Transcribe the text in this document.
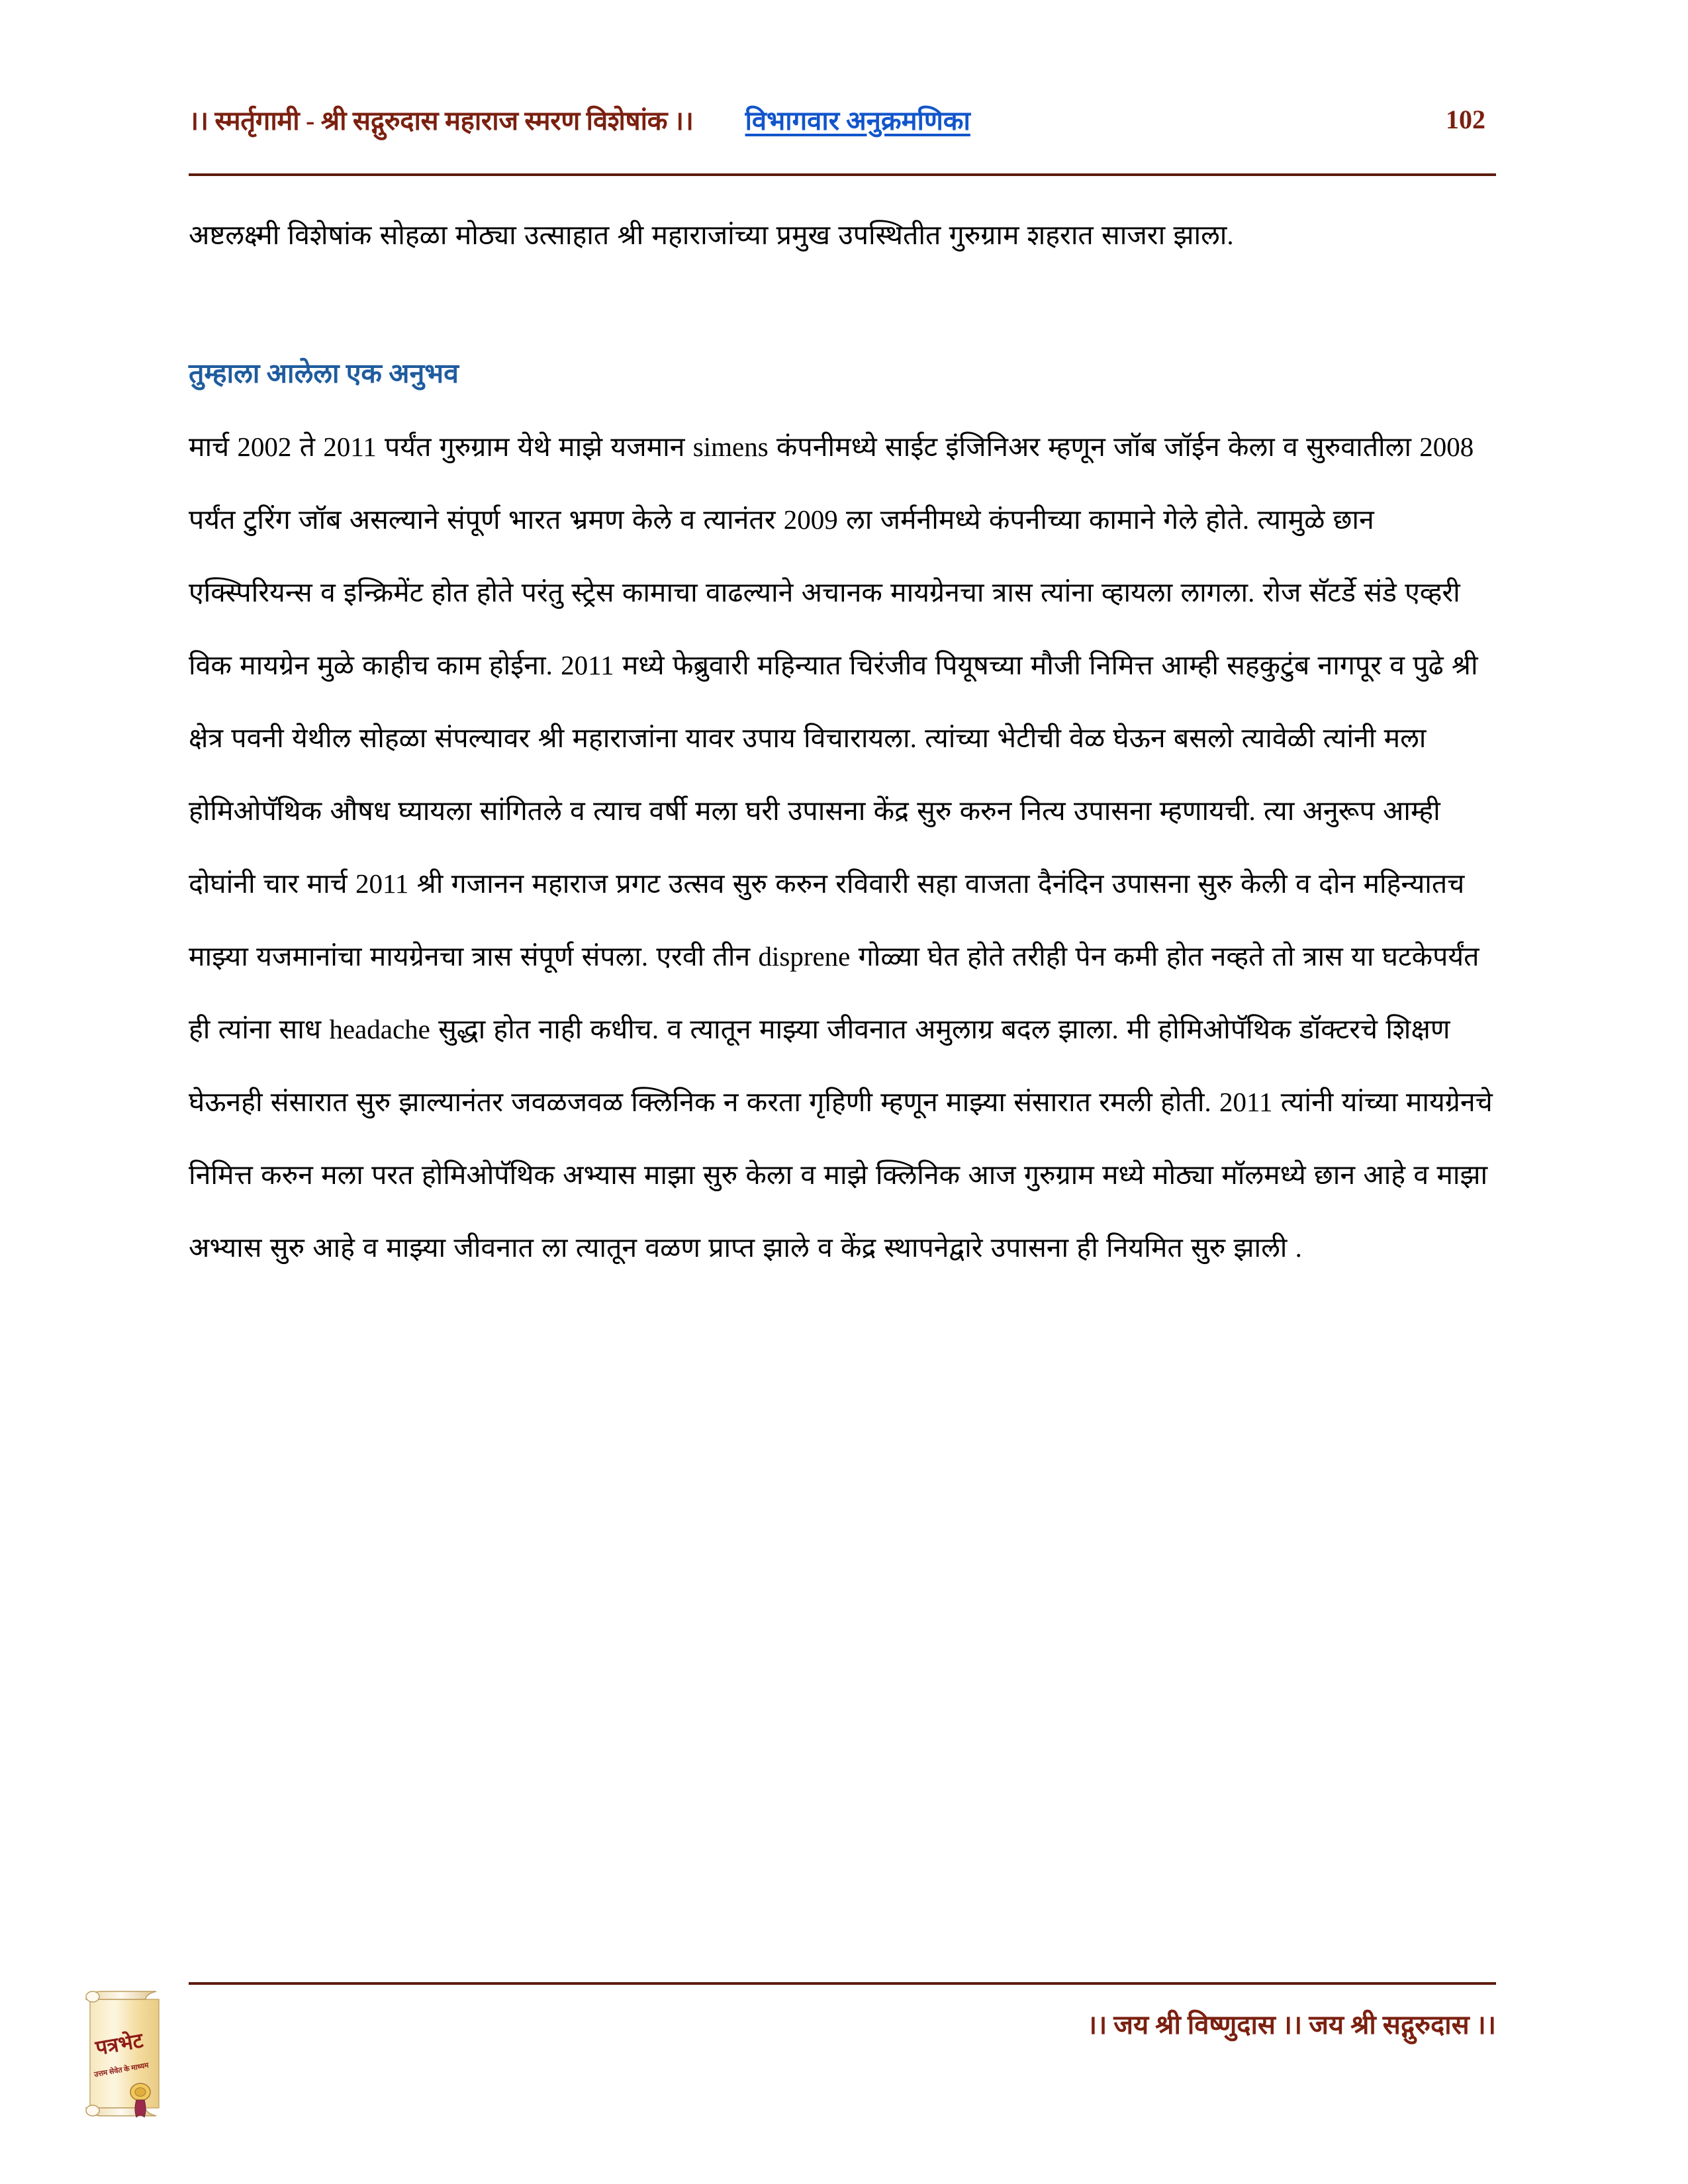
।। स्मर्तृगामी - श्री सद्गुरुदास महाराज स्मरण विशेषांक ।। विभागवार अनुक्रमणिका	102

अष्टलक्ष्मी विशेषांक सोहळा मोठ्या उत्साहात श्री महाराजांच्या प्रमुख उपस्थितीत गुरुग्राम शहरात साजरा झाला.

तुम्हाला आलेला एक अनुभव

मार्च 2002 ते 2011 पर्यंत गुरुग्राम येथे माझे यजमान simens कंपनीमध्ये साईट इंजिनिअर म्हणून जॉब जॉईन केला व सुरुवातीला 2008 पर्यंत टुरिंग जॉब असल्याने संपूर्ण भारत भ्रमण केले व त्यानंतर 2009 ला जर्मनीमध्ये कंपनीच्या कामाने गेले होते. त्यामुळे छान एक्स्पिरियन्स व इन्क्रिमेंट होत होते परंतु स्ट्रेस कामाचा वाढल्याने अचानक मायग्रेनचा त्रास त्यांना व्हायला लागला. रोज सॅटर्डे संडे एव्हरी विक मायग्रेन मुळे काहीच काम होईना. 2011 मध्ये फेब्रुवारी महिन्यात चिरंजीव पियूषच्या मौजी निमित्त आम्ही सहकुटुंब नागपूर व पुढे श्री क्षेत्र पवनी येथील सोहळा संपल्यावर श्री महाराजांना यावर उपाय विचारायला. त्यांच्या भेटीची वेळ घेऊन बसलो त्यावेळी त्यांनी मला होमिओपॅथिक औषध घ्यायला सांगितले व त्याच वर्षी मला घरी उपासना केंद्र सुरु करुन नित्य उपासना म्हणायची. त्या अनुरूप आम्ही दोघांनी चार मार्च 2011 श्री गजानन महाराज प्रगट उत्सव सुरु करुन रविवारी सहा वाजता दैनंदिन उपासना सुरु केली व दोन महिन्यातच माझ्या यजमानांचा मायग्रेनचा त्रास संपूर्ण संपला. एरवी तीन disprene गोळ्या घेत होते तरीही पेन कमी होत नव्हते तो त्रास या घटकेपर्यंत ही त्यांना साध headache सुद्धा होत नाही कधीच. व त्यातून माझ्या जीवनात अमुलाग्र बदल झाला. मी होमिओपॅथिक डॉक्टरचे शिक्षण घेऊनही संसारात सुरु झाल्यानंतर जवळजवळ क्लिनिक न करता गृहिणी म्हणून माझ्या संसारात रमली होती. 2011 त्यांनी यांच्या मायग्रेनचे निमित्त करुन मला परत होमिओपॅथिक अभ्यास माझा सुरु केला व माझे क्लिनिक आज गुरुग्राम मध्ये मोठ्या मॉलमध्ये छान आहे व माझा अभ्यास सुरु आहे व माझ्या जीवनात ला त्यातून वळण प्राप्त झाले व केंद्र स्थापनेद्वारे उपासना ही नियमित सुरु झाली .

।। जय श्री विष्णुदास ।। जय श्री सद्गुरुदास ।।
पत्रभेट
उत्तम सेवेत के माध्यम
